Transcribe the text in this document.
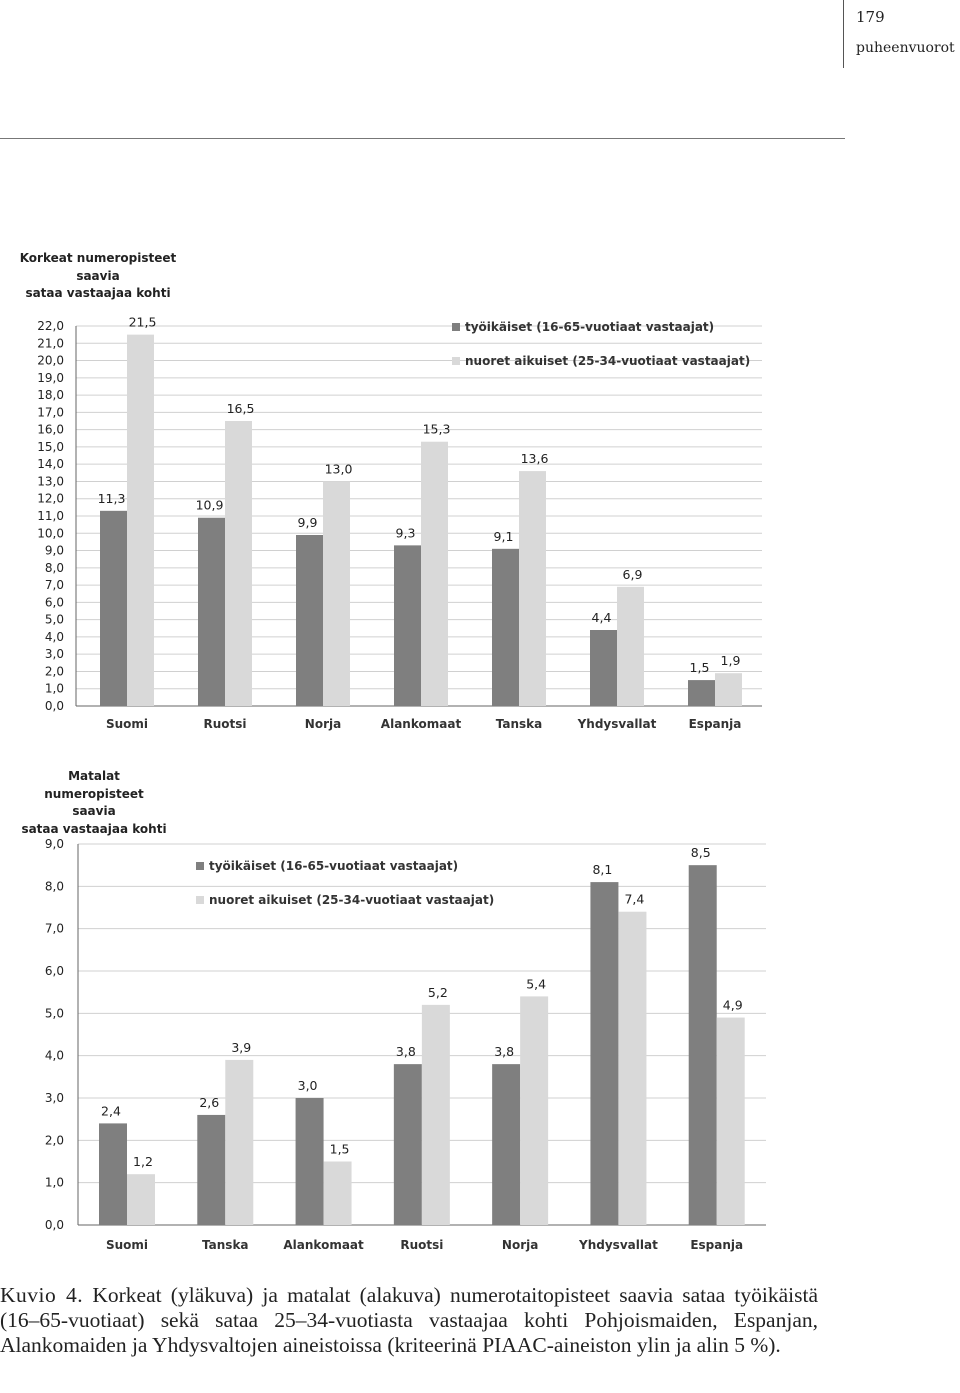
179
puheenvuorot
Korkeat numeropisteet
saavia
sataa vastaajaa kohti
0,0
1,0
2,0
3,0
4,0
5,0
6,0
7,0
8,0
9,0
10,0
11,0
12,0
13,0
14,0
15,0
16,0
17,0
18,0
19,0
20,0
21,0
22,0
11,3
21,5
Suomi
10,9
16,5
Ruotsi
9,9
13,0
Norja
9,3
15,3
Alankomaat
9,1
13,6
Tanska
4,4
6,9
Yhdysvallat
1,5 1,9
Espanja
työikäiset (16-65-vuotiaat vastaajat)
nuoret aikuiset (25-34-vuotiaat vastaajat)
Matalat numeropisteet
saavia
sataa vastaajaa kohti
0,0
1,0
2,0
3,0
4,0
5,0
6,0
7,0
8,0
9,0
2,4
1,2
Suomi
2,6
3,9
Tanska
3,0
1,5
Alankomaat
3,8
5,2
Ruotsi
3,8
5,4
Norja
8,1
7,4
Yhdysvallat
8,5
4,9
Espanja
työikäiset (16-65-vuotiaat vastaajat)
nuoret aikuiset (25-34-vuotiaat vastaajat)
Kuvio 4. Korkeat (yläkuva) ja matalat (alakuva) numerotaitopisteet saavia sataa työikäistä (16–65-vuotiaat) sekä sataa 25–34-vuotiasta vastaajaa kohti Pohjoismaiden, Espanjan, Alankomaiden ja Yhdysvaltojen aineistoissa (kriteerinä PIAAC-aineiston ylin ja alin 5 %).
